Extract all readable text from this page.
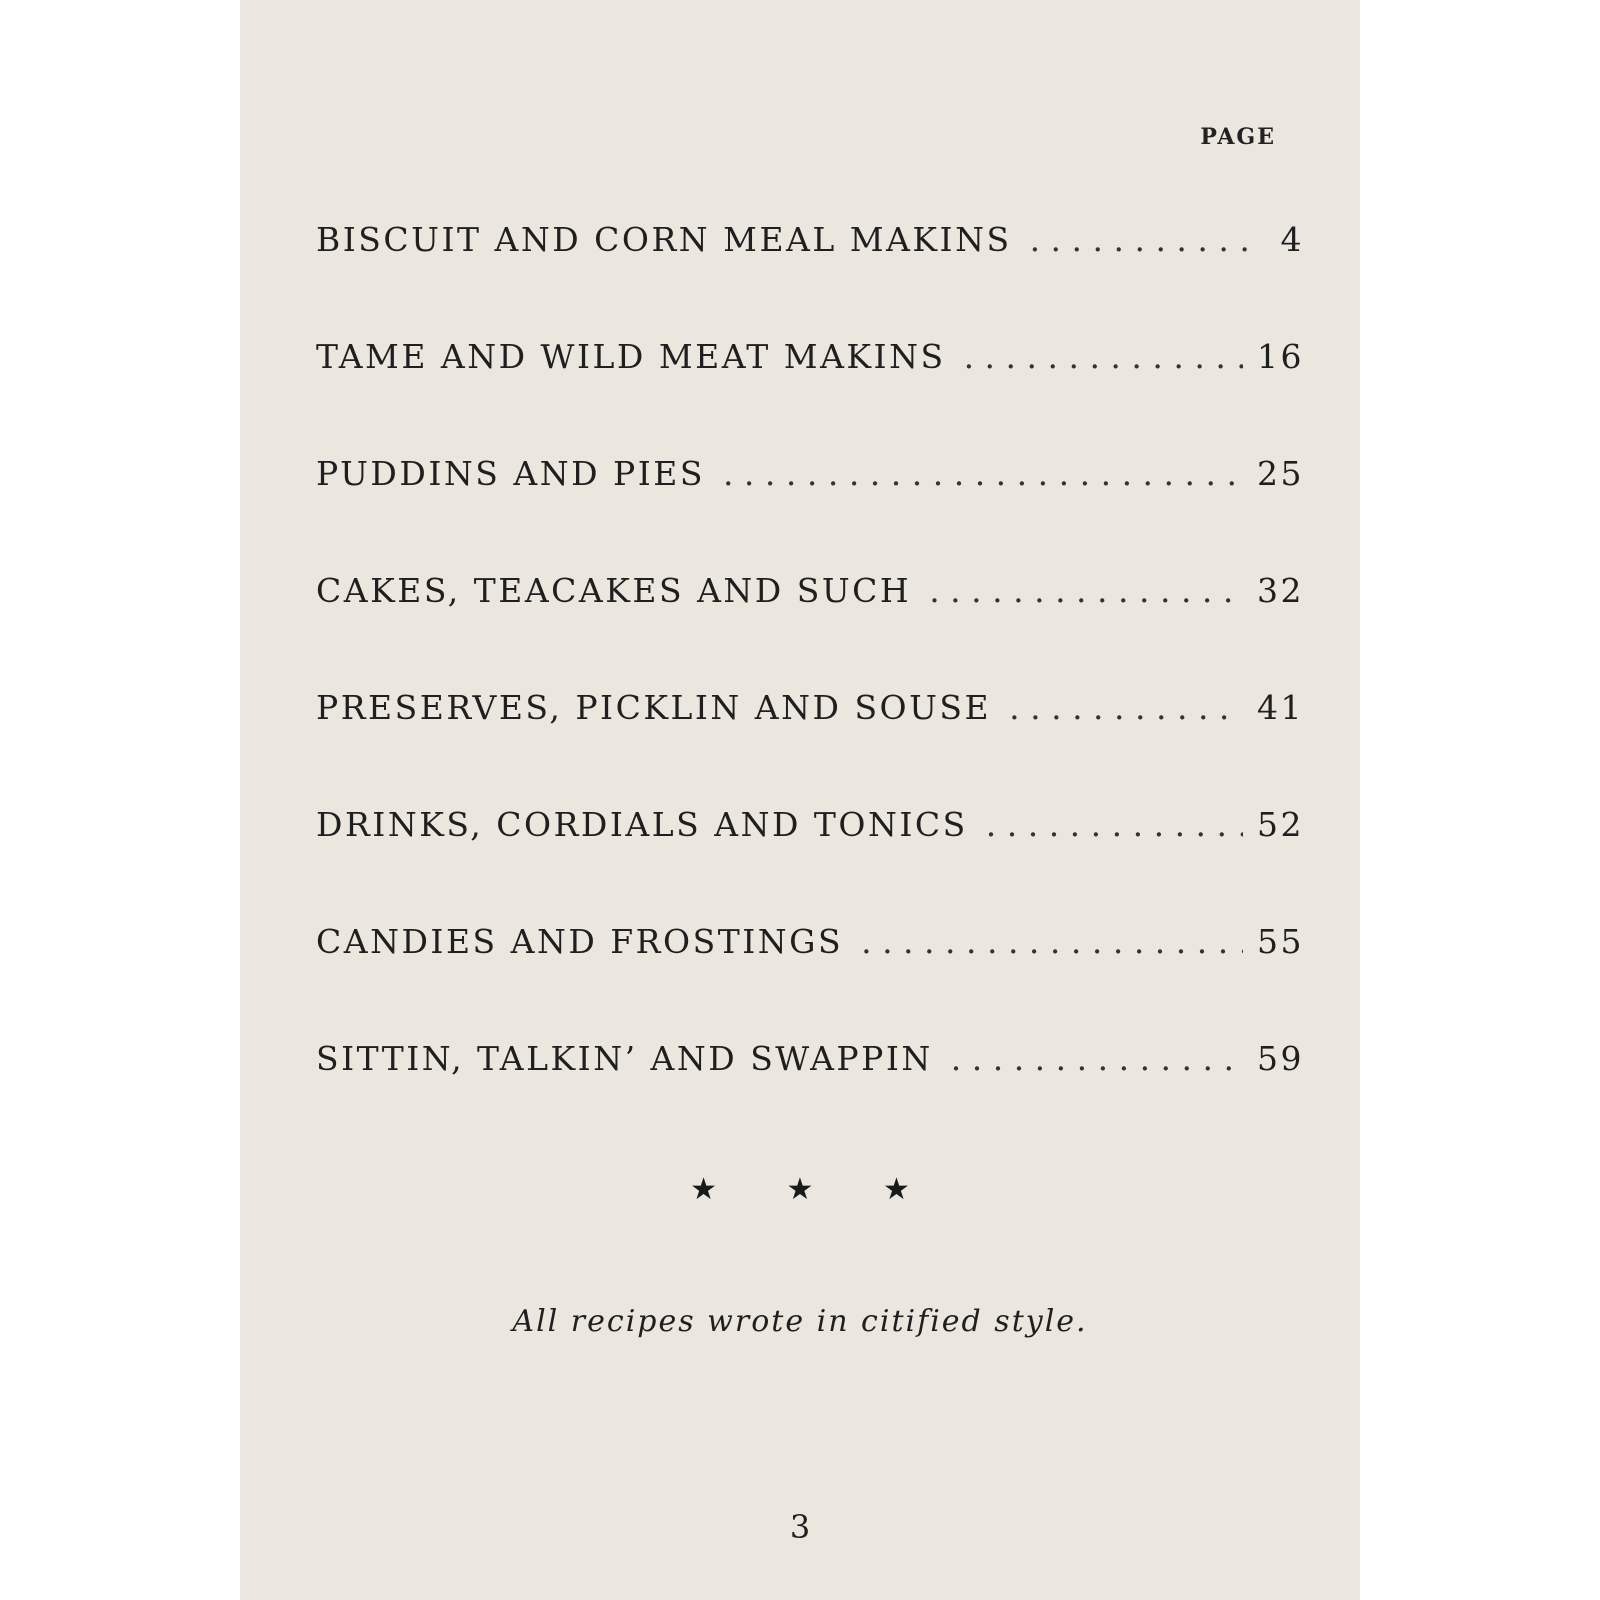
PAGE
BISCUIT AND CORN MEAL MAKINS . . .	4
TAME AND WILD MEAT MAKINS . . .	16
PUDDINS AND PIES . . .	25
CAKES, TEACAKES AND SUCH . . .	32
PRESERVES, PICKLIN AND SOUSE . . .	41
DRINKS, CORDIALS AND TONICS . . .	52
CANDIES AND FROSTINGS . . .	55
SITTIN, TALKIN’ AND SWAPPIN . . .	59
★ ★ ★
All recipes wrote in citified style.
3
